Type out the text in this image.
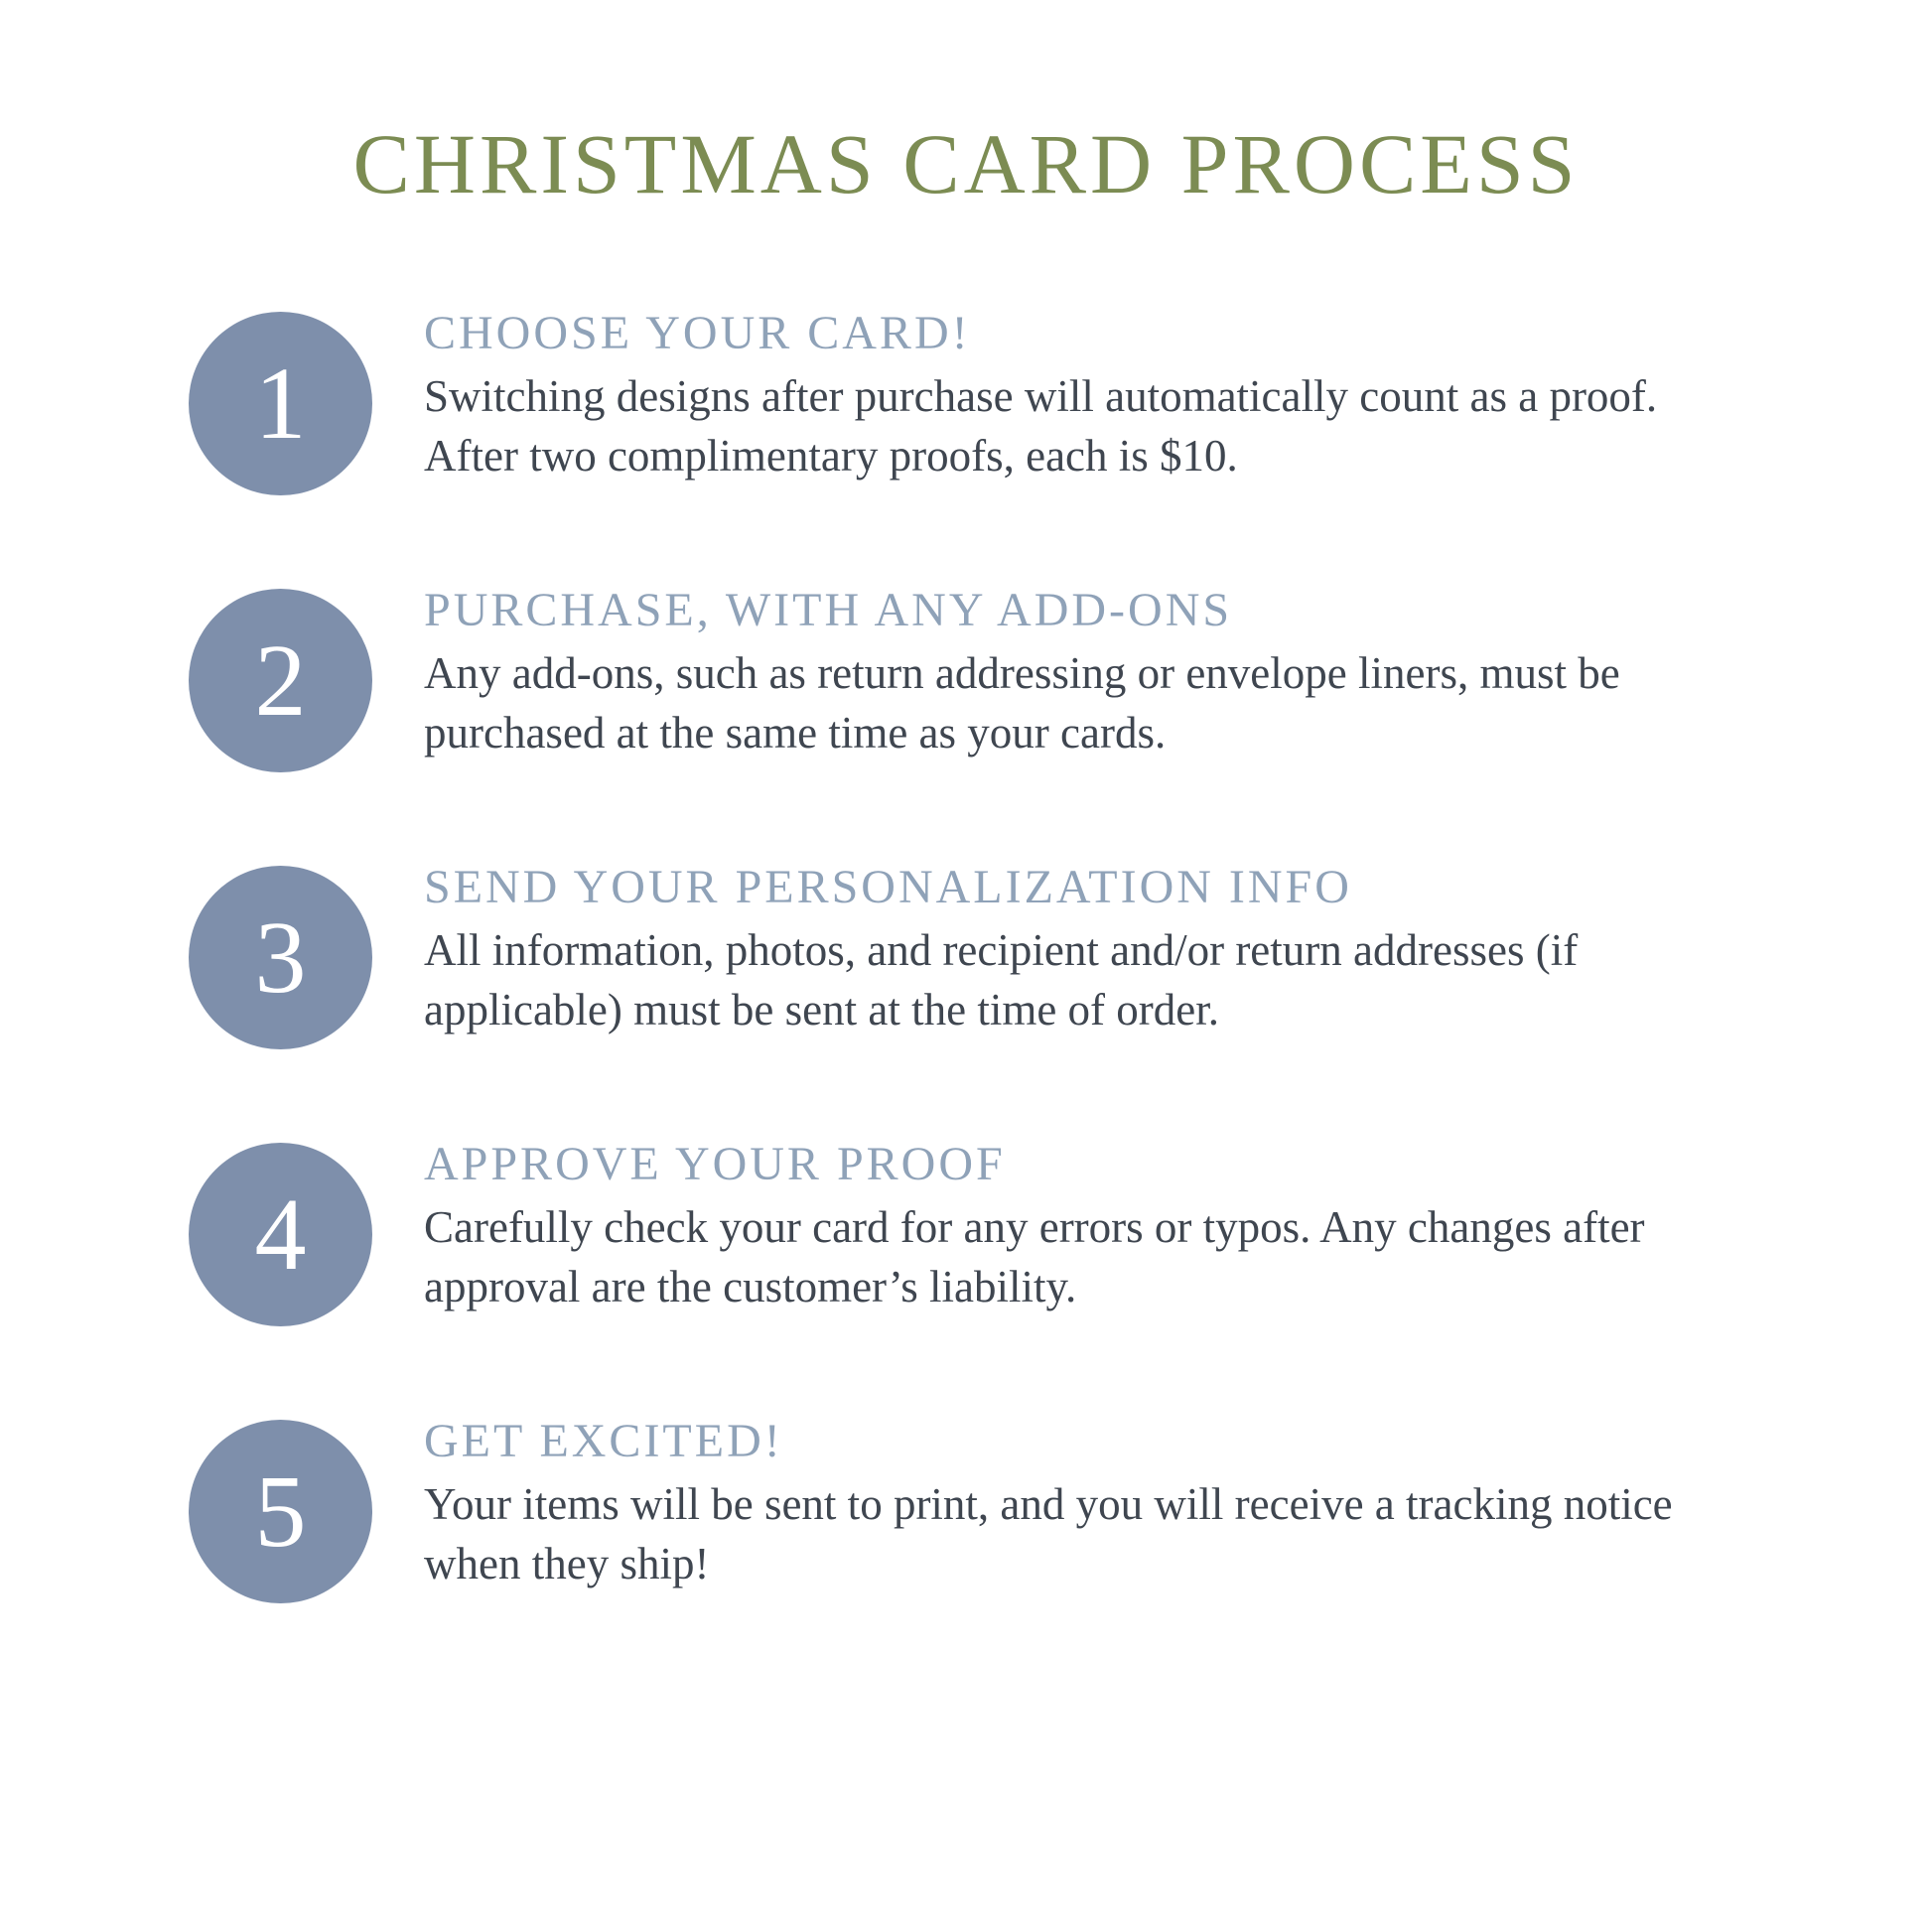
CHRISTMAS CARD PROCESS
1
CHOOSE YOUR CARD!

Switching designs after purchase will automatically count as a proof. After two complimentary proofs, each is $10.

2
PURCHASE, WITH ANY ADD-ONS

Any add-ons, such as return addressing or envelope liners, must be purchased at the same time as your cards.

3
SEND YOUR PERSONALIZATION INFO

All information, photos, and recipient and/or return addresses (if applicable) must be sent at the time of order.

4
APPROVE YOUR PROOF

Carefully check your card for any errors or typos. Any changes after approval are the customer’s liability.

5
GET EXCITED!

Your items will be sent to print, and you will receive a tracking notice when they ship!
